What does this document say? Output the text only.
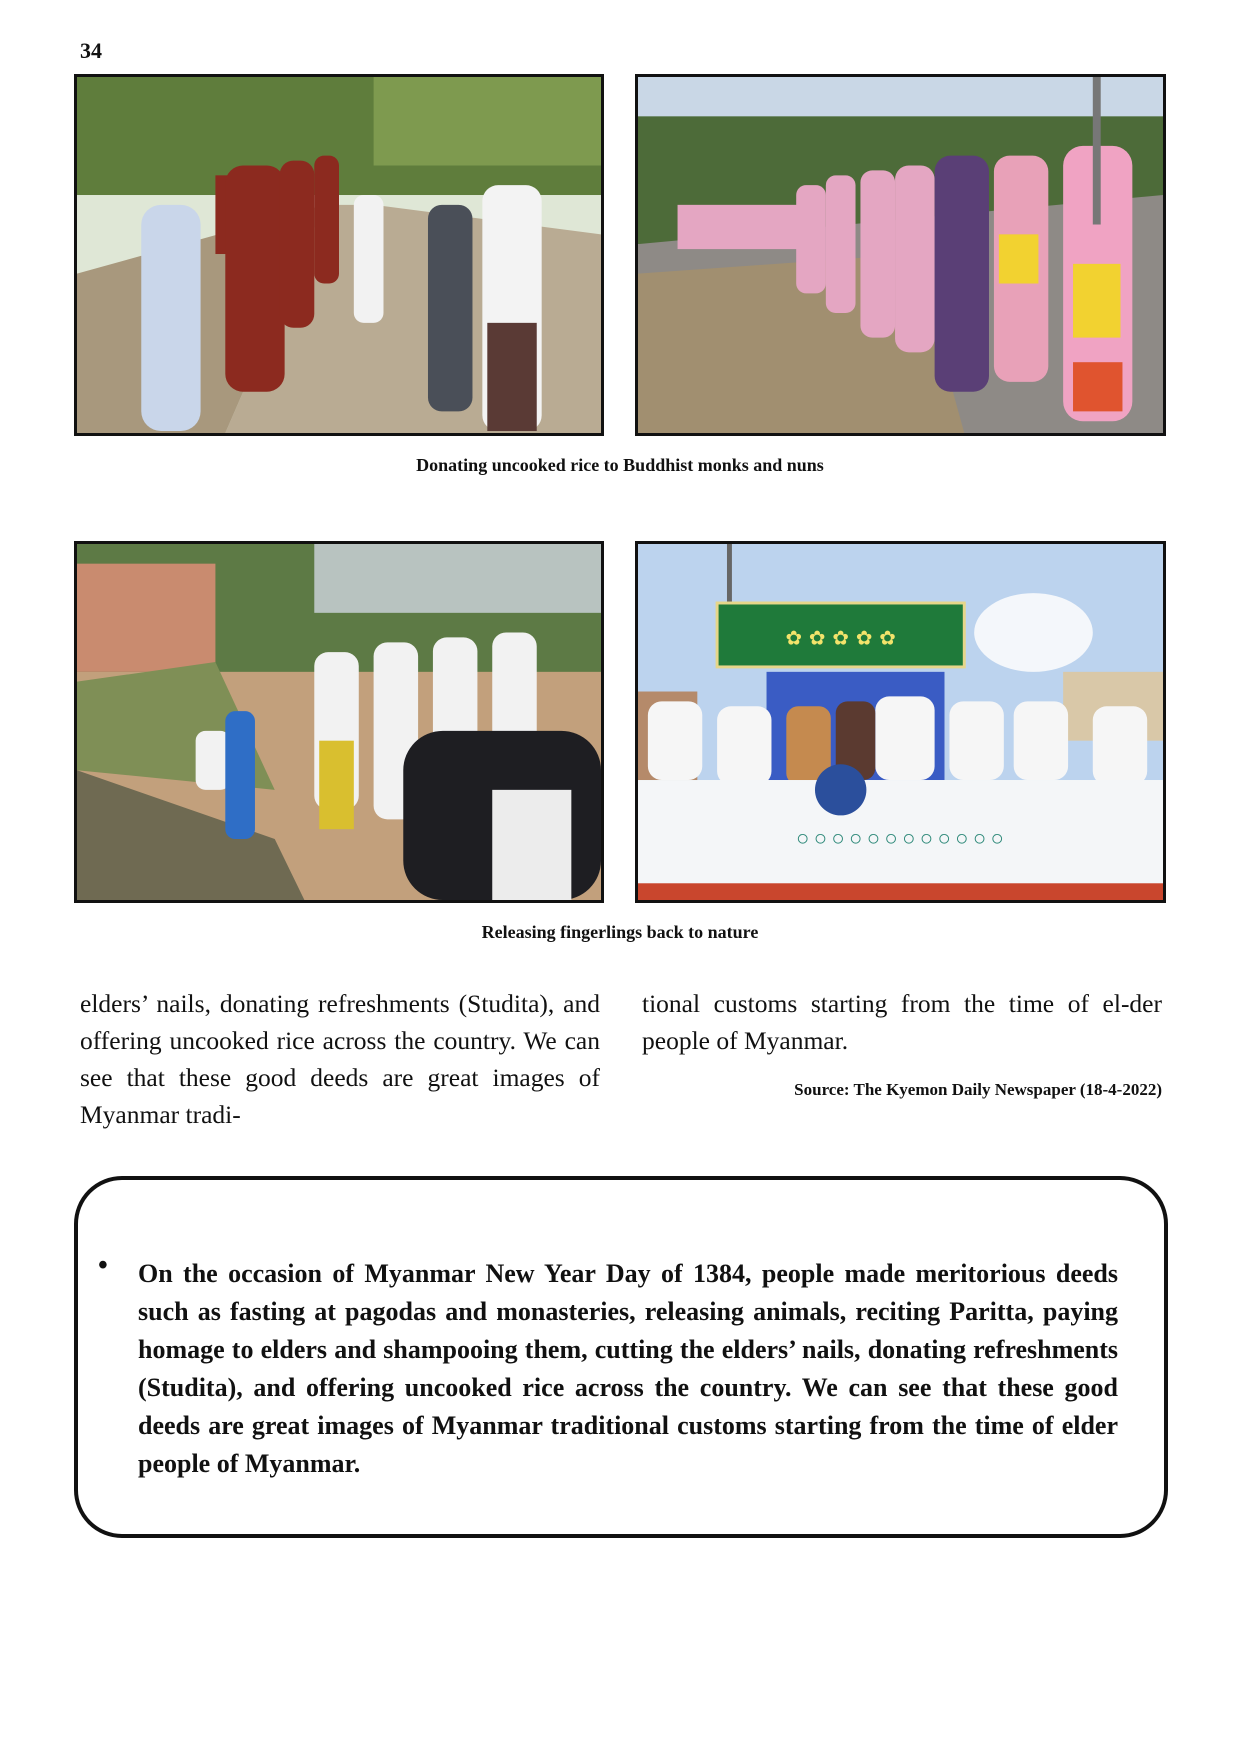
34
Donating uncooked rice to Buddhist monks and nuns
✿ ✿ ✿ ✿ ✿
◦◦◦◦◦◦◦◦◦◦◦◦
Releasing fingerlings back to nature
elders’ nails, donating refreshments (Studita), and offering uncooked rice across the country. We can see that these good deeds are great images of Myanmar tradi-
tional customs starting from the time of el-der people of Myanmar.
Source: The Kyemon Daily Newspaper (18-4-2022)
• On the occasion of Myanmar New Year Day of 1384, people made meritorious deeds such as fasting at pagodas and monasteries, releasing animals, reciting Paritta, paying homage to elders and shampooing them, cutting the elders’ nails, donating refreshments (Studita), and offering uncooked rice across the country. We can see that these good deeds are great images of Myanmar traditional customs starting from the time of elder people of Myanmar.
